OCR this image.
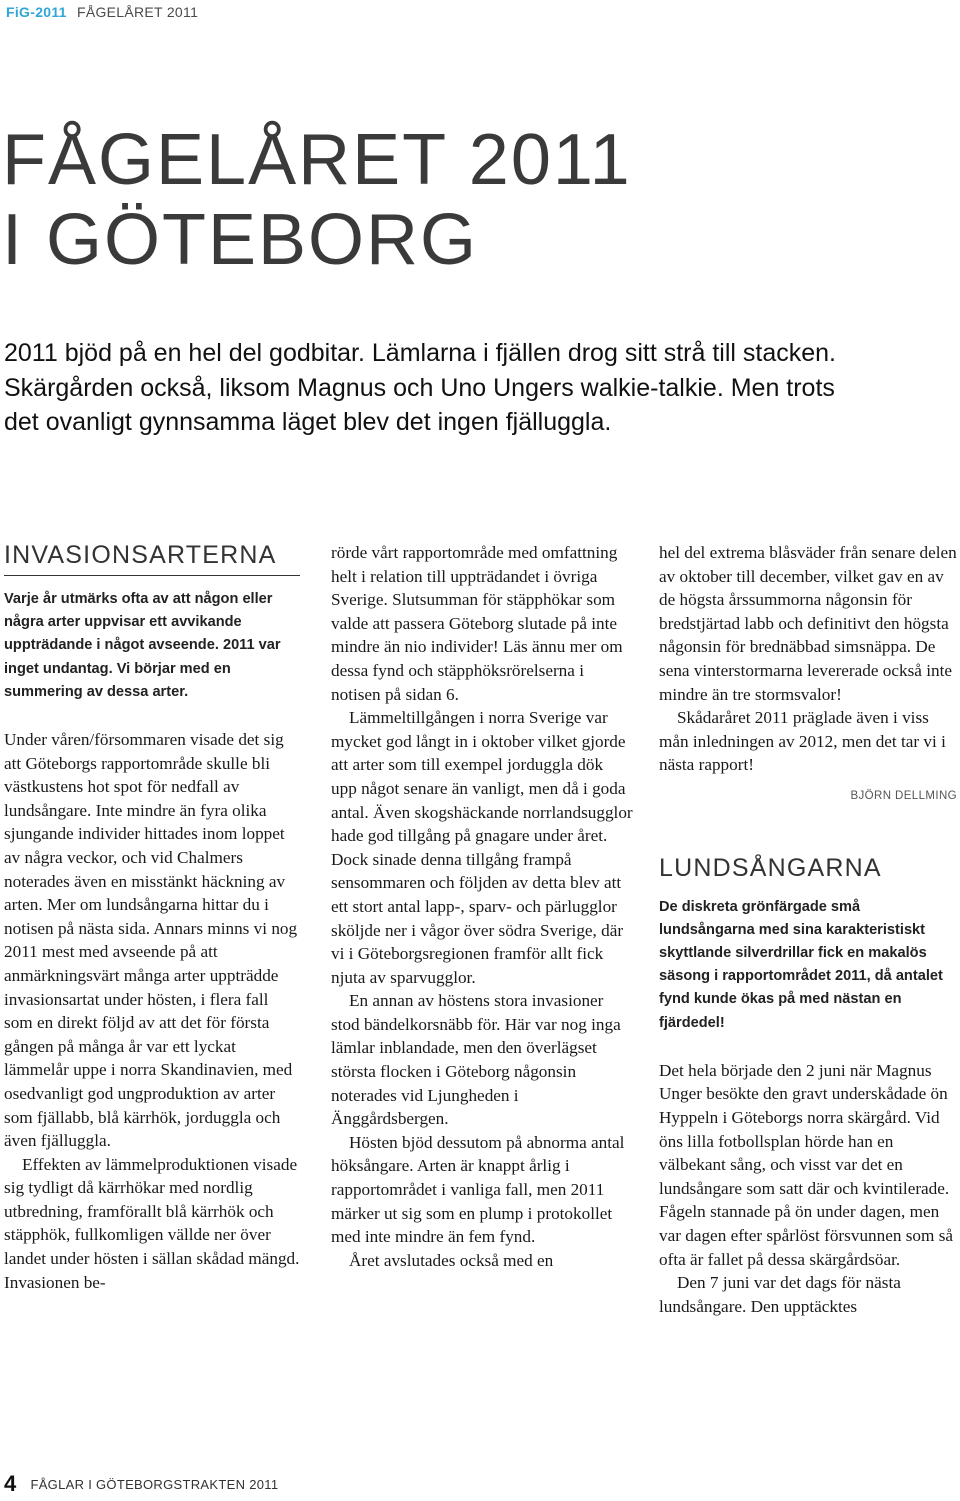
FiG-2011 FÅGELÅRET 2011
FÅGELÅRET 2011
I GÖTEBORG
2011 bjöd på en hel del godbitar. Lämlarna i fjällen drog sitt strå till stacken. Skärgården också, liksom Magnus och Uno Ungers walkie-talkie. Men trots det ovanligt gynnsamma läget blev det ingen fjälluggla.
INVASIONSARTERNA

Varje år utmärks ofta av att någon eller några arter uppvisar ett avvikande uppträdande i något avseende. 2011 var inget undantag. Vi börjar med en summering av dessa arter.

Under våren/försommaren visade det sig att Göteborgs rapportområde skulle bli västkustens hot spot för nedfall av lundsångare. Inte mindre än fyra olika sjungande individer hittades inom loppet av några veckor, och vid Chalmers noterades även en misstänkt häckning av arten. Mer om lundsångarna hittar du i notisen på nästa sida. Annars minns vi nog 2011 mest med avseende på att anmärkningsvärt många arter uppträdde invasionsartat under hösten, i flera fall som en direkt följd av att det för första gången på många år var ett lyckat lämmelår uppe i norra Skandinavien, med osedvanligt god ungproduktion av arter som fjällabb, blå kärrhök, jorduggla och även fjälluggla.

Effekten av lämmelproduktionen visade sig tydligt då kärrhökar med nordlig utbredning, framförallt blå kärrhök och stäpphök, fullkomligen vällde ner över landet under hösten i sällan skådad mängd. Invasionen be-

rörde vårt rapportområde med omfattning helt i relation till uppträdandet i övriga Sverige. Slutsumman för stäpphökar som valde att passera Göteborg slutade på inte mindre än nio individer! Läs ännu mer om dessa fynd och stäpphöksrörelserna i notisen på sidan 6.

Lämmeltillgången i norra Sverige var mycket god långt in i oktober vilket gjorde att arter som till exempel jorduggla dök upp något senare än vanligt, men då i goda antal. Även skogshäckande norrlandsugglor hade god tillgång på gnagare under året. Dock sinade denna tillgång frampå sensommaren och följden av detta blev att ett stort antal lapp-, sparv- och pärlugglor sköljde ner i vågor över södra Sverige, där vi i Göteborgsregionen framför allt fick njuta av sparvugglor.

En annan av höstens stora invasioner stod bändelkorsnäbb för. Här var nog inga lämlar inblandade, men den överlägset största flocken i Göteborg någonsin noterades vid Ljungheden i Änggårdsbergen.

Hösten bjöd dessutom på abnorma antal höksångare. Arten är knappt årlig i rapportområdet i vanliga fall, men 2011 märker ut sig som en plump i protokollet med inte mindre än fem fynd.

Året avslutades också med en

hel del extrema blåsväder från senare delen av oktober till december, vilket gav en av de högsta årssummorna någonsin för bredstjärtad labb och definitivt den högsta någonsin för brednäbbad simsnäppa. De sena vinterstormarna levererade också inte mindre än tre stormsvalor!

Skådaråret 2011 präglade även i viss mån inledningen av 2012, men det tar vi i nästa rapport!

BJÖRN DELLMING

LUNDSÅNGARNA

De diskreta grönfärgade små lundsångarna med sina karakteristiskt skyttlande silverdrillar fick en makalös säsong i rapportområdet 2011, då antalet fynd kunde ökas på med nästan en fjärdedel!

Det hela började den 2 juni när Magnus Unger besökte den gravt underskådade ön Hyppeln i Göteborgs norra skärgård. Vid öns lilla fotbollsplan hörde han en välbekant sång, och visst var det en lundsångare som satt där och kvintilerade. Fågeln stannade på ön under dagen, men var dagen efter spårlöst försvunnen som så ofta är fallet på dessa skärgårdsöar.

Den 7 juni var det dags för nästa lundsångare. Den upptäcktes

4 FÅGLAR I GÖTEBORGSTRAKTEN 2011
